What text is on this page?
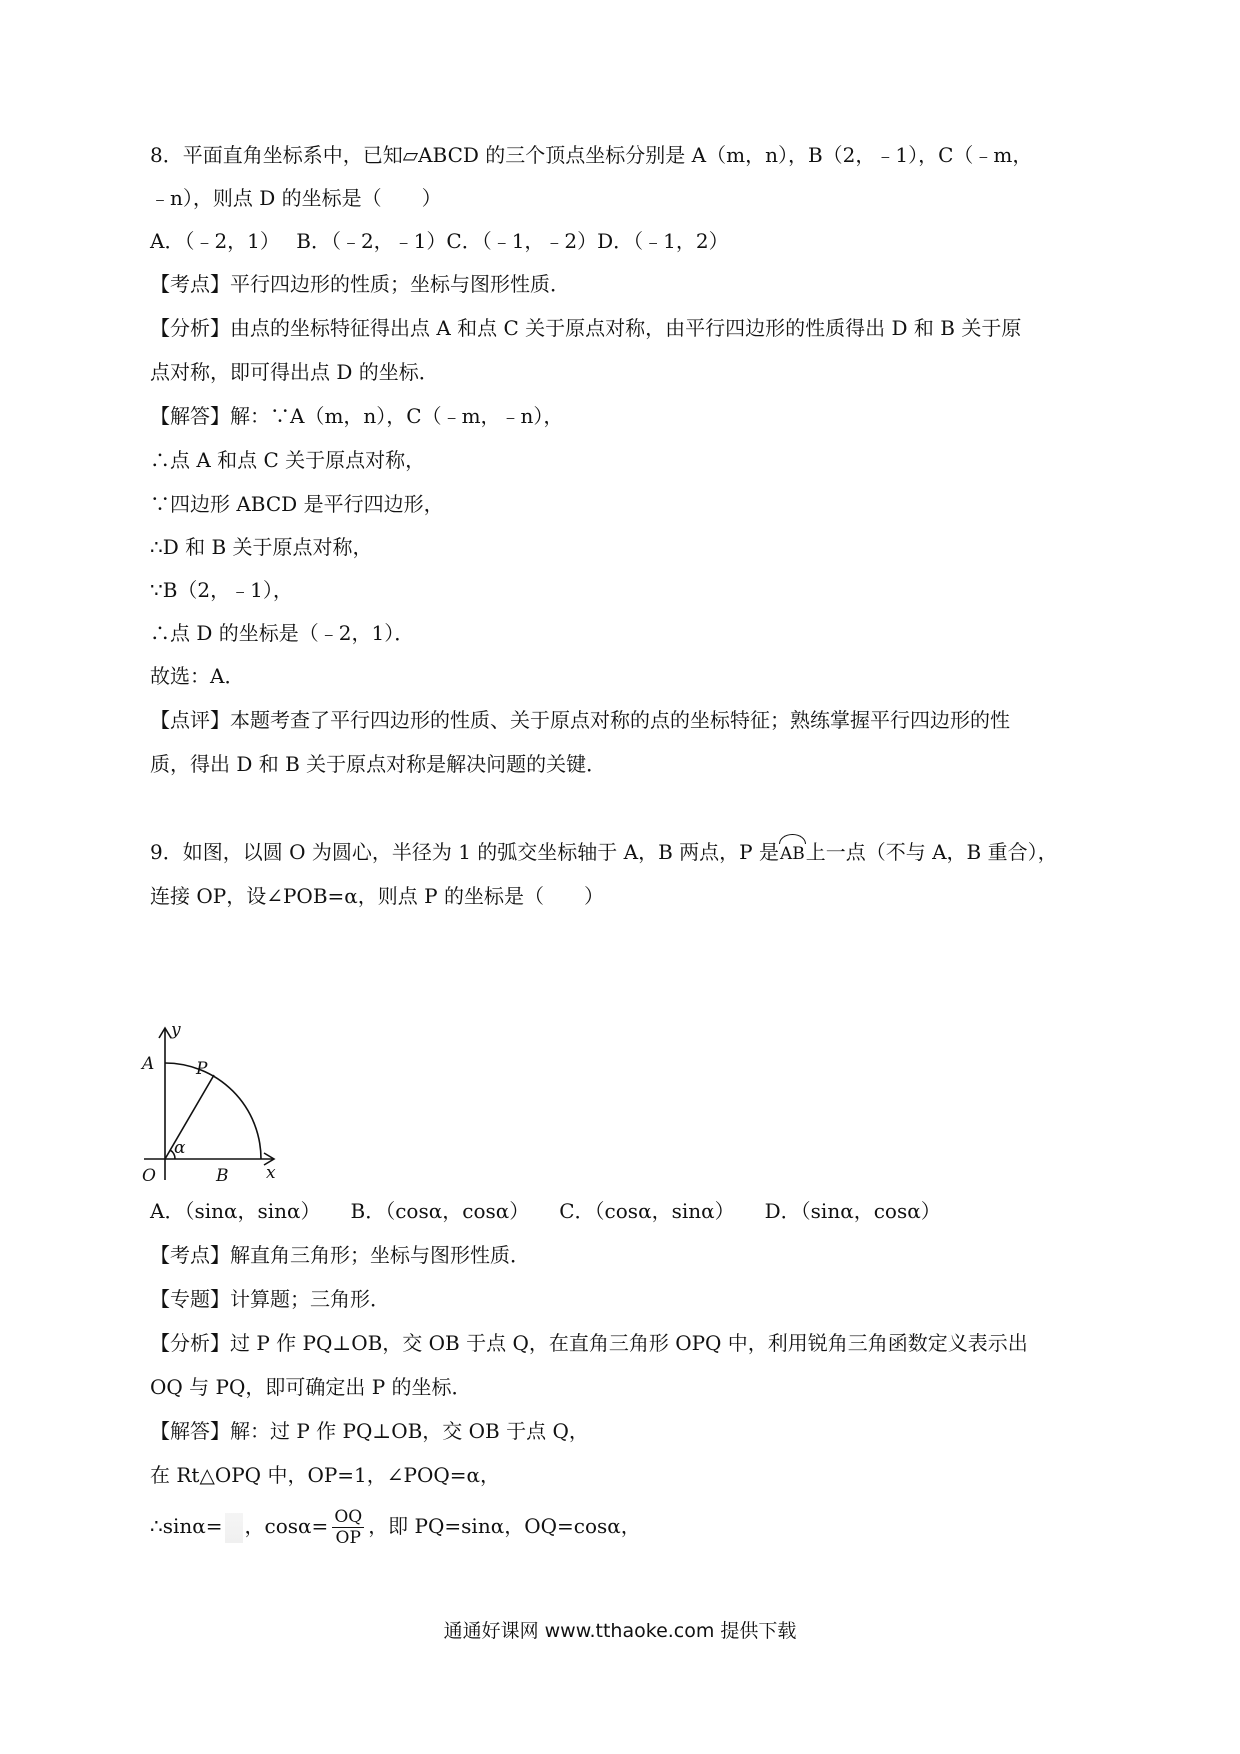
8．平面直角坐标系中，已知▱ABCD 的三个顶点坐标分别是 A（m，n），B（2，﹣1），C（﹣m，
﹣n），则点 D 的坐标是（　　）
A．（﹣2，1）　 B．（﹣2，﹣1）C．（﹣1，﹣2）D．（﹣1，2）
【考点】平行四边形的性质；坐标与图形性质．
【分析】由点的坐标特征得出点 A 和点 C 关于原点对称，由平行四边形的性质得出 D 和 B 关于原
点对称，即可得出点 D 的坐标．
【解答】解：∵A（m，n），C（﹣m，﹣n），
∴点 A 和点 C 关于原点对称，
∵四边形 ABCD 是平行四边形，
∴D 和 B 关于原点对称，
∵B（2，﹣1），
∴点 D 的坐标是（﹣2，1）．
故选：A．
【点评】本题考查了平行四边形的性质、关于原点对称的点的坐标特征；熟练掌握平行四边形的性
质，得出 D 和 B 关于原点对称是解决问题的关键．
9．如图，以圆 O 为圆心，半径为 1 的弧交坐标轴于 A，B 两点，P 是AB上一点（不与 A，B 重合），
连接 OP，设∠POB=α，则点 P 的坐标是（　　）
y
A P
α
O	B x
A．（sinα，sinα）　　B．（cosα，cosα）　　C．（cosα，sinα）　　D．（sinα，cosα）
【考点】解直角三角形；坐标与图形性质．
【专题】计算题；三角形．
【分析】过 P 作 PQ⊥OB，交 OB 于点 Q，在直角三角形 OPQ 中，利用锐角三角函数定义表示出
OQ 与 PQ，即可确定出 P 的坐标．
【解答】解：过 P 作 PQ⊥OB，交 OB 于点 Q，
在 Rt△OPQ 中，OP=1，∠POQ=α，
∴sinα= ，$\cos\alpha= \frac{OQ}{OP}$ ，即 PQ=sinα，OQ=cosα，
通通好课网 www.tthaoke.com 提供下载
